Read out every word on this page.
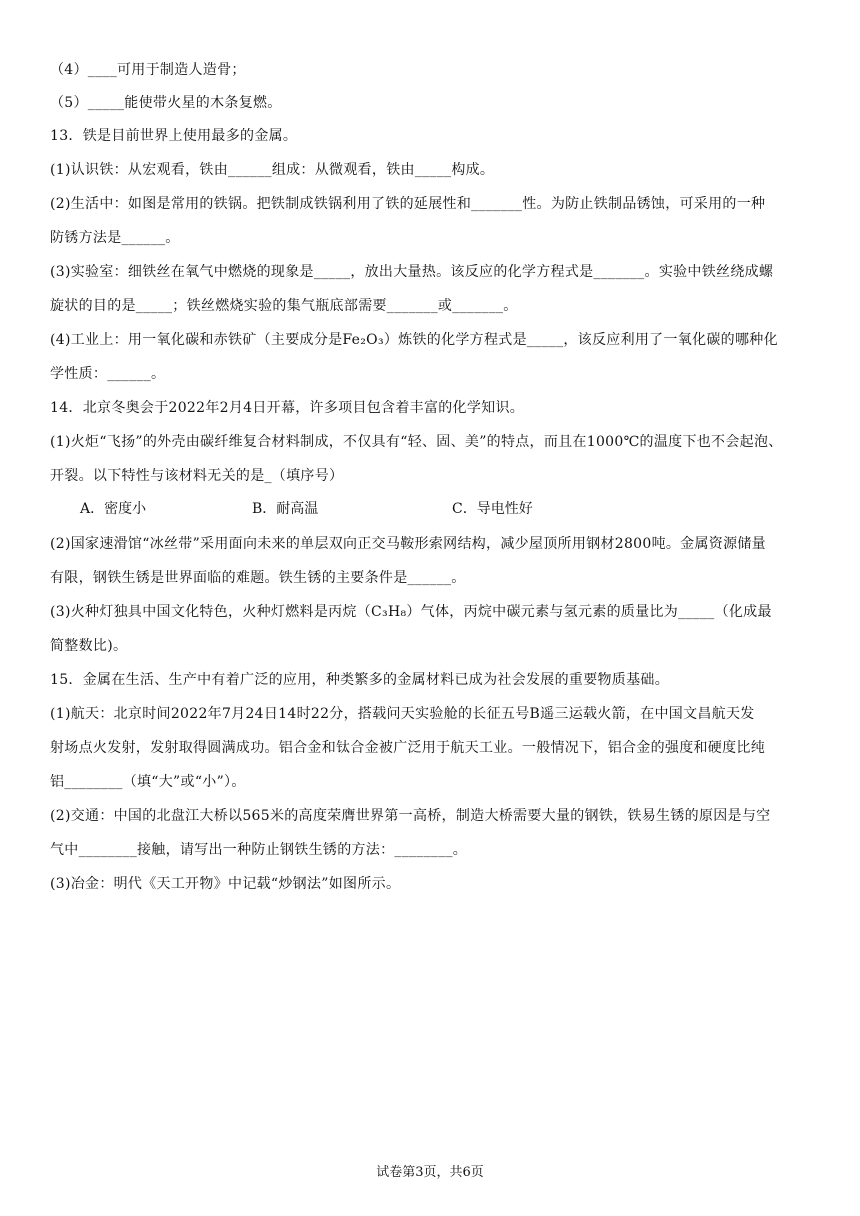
（4）____可用于制造人造骨；
（5）_____能使带火星的木条复燃。
13．铁是目前世界上使用最多的金属。
(1)认识铁：从宏观看，铁由______组成：从微观看，铁由_____构成。
(2)生活中：如图是常用的铁锅。把铁制成铁锅利用了铁的延展性和_______性。为防止铁制品锈蚀，可采用的一种
防锈方法是______。
(3)实验室：细铁丝在氧气中燃烧的现象是_____，放出大量热。该反应的化学方程式是_______。实验中铁丝绕成螺
旋状的目的是_____；铁丝燃烧实验的集气瓶底部需要_______或_______。
(4)工业上：用一氧化碳和赤铁矿（主要成分是Fe₂O₃）炼铁的化学方程式是_____，该反应利用了一氧化碳的哪种化
学性质：______。
14．北京冬奥会于2022年2月4日开幕，许多项目包含着丰富的化学知识。
(1)火炬“飞扬”的外壳由碳纤维复合材料制成，不仅具有“轻、固、美”的特点，而且在1000℃的温度下也不会起泡、
开裂。以下特性与该材料无关的是_（填序号）
A．密度小	B．耐高温	C．导电性好
(2)国家速滑馆“冰丝带”采用面向未来的单层双向正交马鞍形索网结构，减少屋顶所用钢材2800吨。金属资源储量
有限，钢铁生锈是世界面临的难题。铁生锈的主要条件是______。
(3)火种灯独具中国文化特色，火种灯燃料是丙烷（C₃H₈）气体，丙烷中碳元素与氢元素的质量比为_____（化成最
简整数比)。
15．金属在生活、生产中有着广泛的应用，种类繁多的金属材料已成为社会发展的重要物质基础。
(1)航天：北京时间2022年7月24日14时22分，搭载问天实验舱的长征五号B遥三运载火箭，在中国文昌航天发
射场点火发射，发射取得圆满成功。铝合金和钛合金被广泛用于航天工业。一般情况下，铝合金的强度和硬度比纯
铝________（填“大”或“小”）。
(2)交通：中国的北盘江大桥以565米的高度荣膺世界第一高桥，制造大桥需要大量的钢铁，铁易生锈的原因是与空
气中________接触，请写出一种防止钢铁生锈的方法：________。
(3)冶金：明代《天工开物》中记载“炒钢法”如图所示。
试卷第3页，共6页
